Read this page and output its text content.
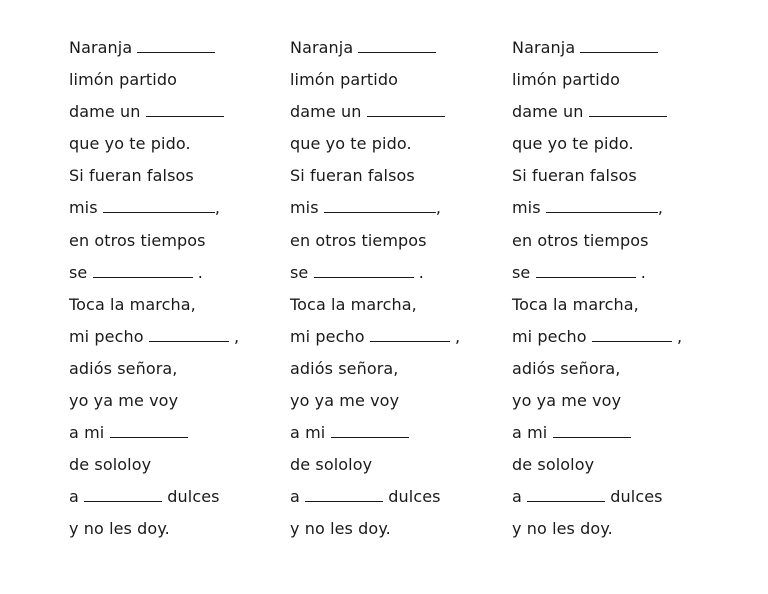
Naranja
limón partido
dame un
que yo te pido.
Si fueran falsos
mis	,
en otros tiempos
se	.
Toca la marcha,
mi pecho	,
adiós señora,
yo ya me voy
a mi
de sololoy
a	dulces
y no les doy.
Naranja
limón partido
dame un
que yo te pido.
Si fueran falsos
mis	,
en otros tiempos
se	.
Toca la marcha,
mi pecho	,
adiós señora,
yo ya me voy
a mi
de sololoy
a	dulces
y no les doy.
Naranja
limón partido
dame un
que yo te pido.
Si fueran falsos
mis	,
en otros tiempos
se	.
Toca la marcha,
mi pecho	,
adiós señora,
yo ya me voy
a mi
de sololoy
a	dulces
y no les doy.
